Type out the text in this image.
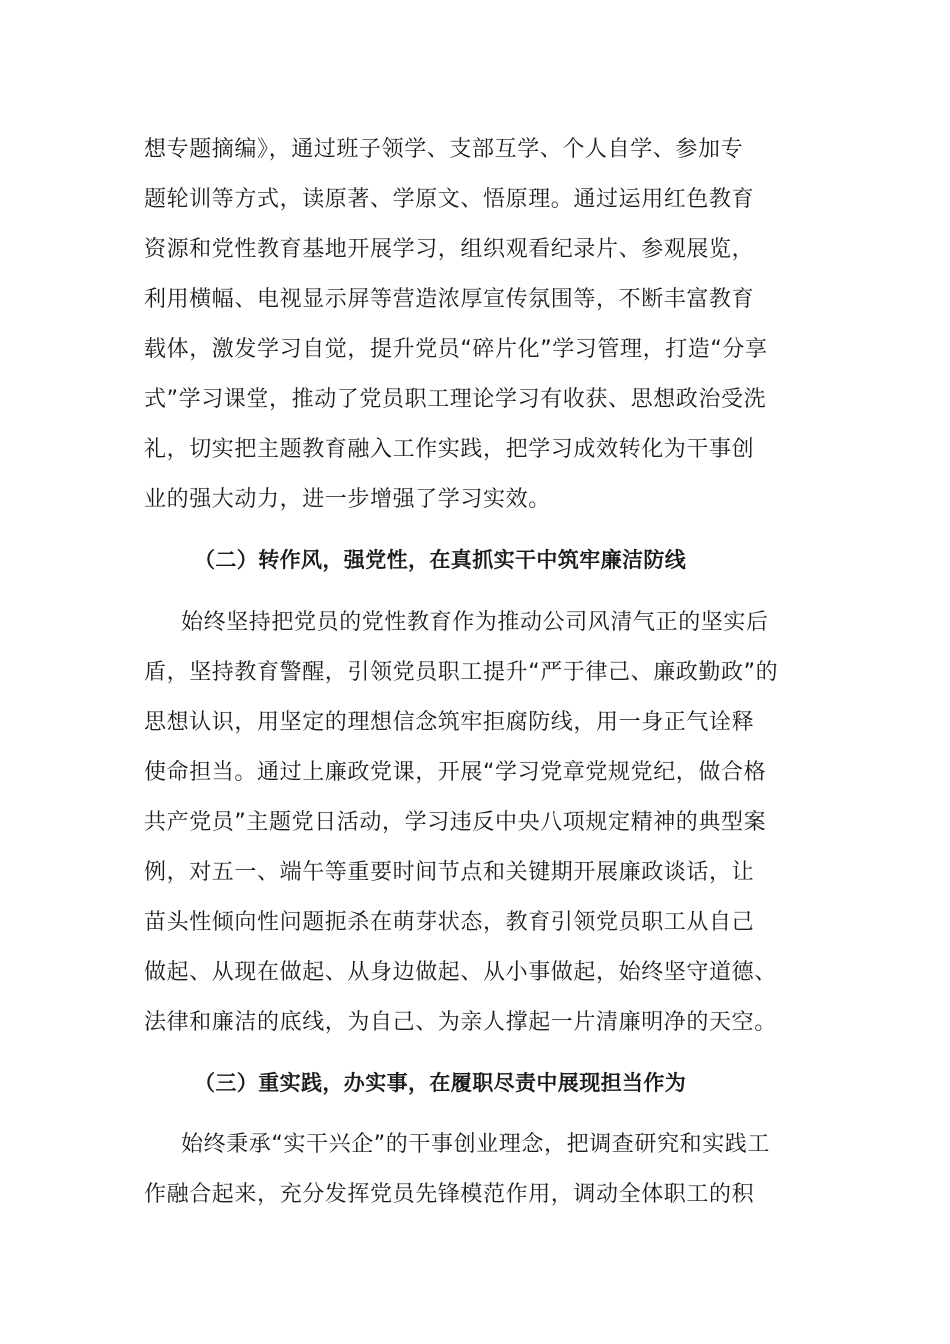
想专题摘编》，通过班子领学、支部互学、个人自学、参加专
题轮训等方式，读原著、学原文、悟原理。通过运用红色教育
资源和党性教育基地开展学习，组织观看纪录片、参观展览，
利用横幅、电视显示屏等营造浓厚宣传氛围等，不断丰富教育
载体，激发学习自觉，提升党员“碎片化”学习管理，打造“分享
式”学习课堂，推动了党员职工理论学习有收获、思想政治受洗
礼，切实把主题教育融入工作实践，把学习成效转化为干事创
业的强大动力，进一步增强了学习实效。
（二）转作风，强党性，在真抓实干中筑牢廉洁防线
始终坚持把党员的党性教育作为推动公司风清气正的坚实后
盾，坚持教育警醒，引领党员职工提升“严于律己、廉政勤政”的
思想认识，用坚定的理想信念筑牢拒腐防线，用一身正气诠释
使命担当。通过上廉政党课，开展“学习党章党规党纪，做合格
共产党员”主题党日活动，学习违反中央八项规定精神的典型案
例，对五一、端午等重要时间节点和关键期开展廉政谈话，让
苗头性倾向性问题扼杀在萌芽状态，教育引领党员职工从自己
做起、从现在做起、从身边做起、从小事做起，始终坚守道德、
法律和廉洁的底线，为自己、为亲人撑起一片清廉明净的天空。
（三）重实践，办实事，在履职尽责中展现担当作为
始终秉承“实干兴企”的干事创业理念，把调查研究和实践工
作融合起来，充分发挥党员先锋模范作用，调动全体职工的积
